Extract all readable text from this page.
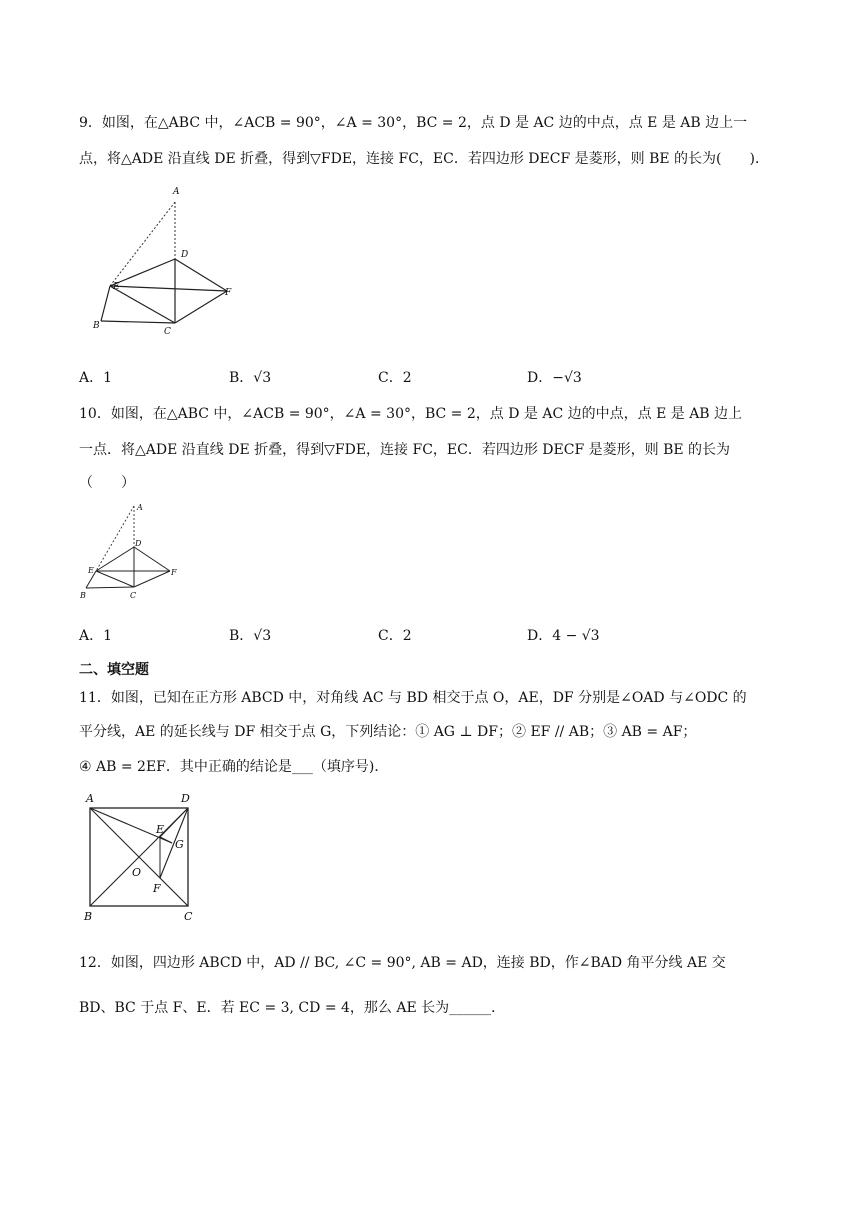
9．如图，在△ABC 中，∠ACB = 90°，∠A = 30°，BC = 2，点 D 是 AC 边的中点，点 E 是 AB 边上一
点，将△ADE 沿直线 DE 折叠，得到▽FDE，连接 FC，EC．若四边形 DECF 是菱形，则 BE 的长为(　　)．
A
D
E
F
B
C
A．1	B．√3	C．2	D．−√3
10．如图，在△ABC 中，∠ACB = 90°，∠A = 30°，BC = 2，点 D 是 AC 边的中点，点 E 是 AB 边上
一点．将△ADE 沿直线 DE 折叠，得到▽FDE，连接 FC，EC．若四边形 DECF 是菱形，则 BE 的长为
（　　）
A
D
E	F
B	C
A．1	B．√3	C．2	D．4 − √3
二、填空题
11．如图，已知在正方形 ABCD 中，对角线 AC 与 BD 相交于点 O，AE，DF 分别是∠OAD 与∠ODC 的
平分线，AE 的延长线与 DF 相交于点 G，下列结论：① AG ⊥ DF；② EF // AB；③ AB = AF；
④ AB = 2EF．其中正确的结论是___（填序号)．
A	D
E
G
O
F
B	C
12．如图，四边形 ABCD 中，AD // BC, ∠C = 90°, AB = AD，连接 BD，作∠BAD 角平分线 AE 交
BD、BC 于点 F、E．若 EC = 3, CD = 4，那么 AE 长为______．
